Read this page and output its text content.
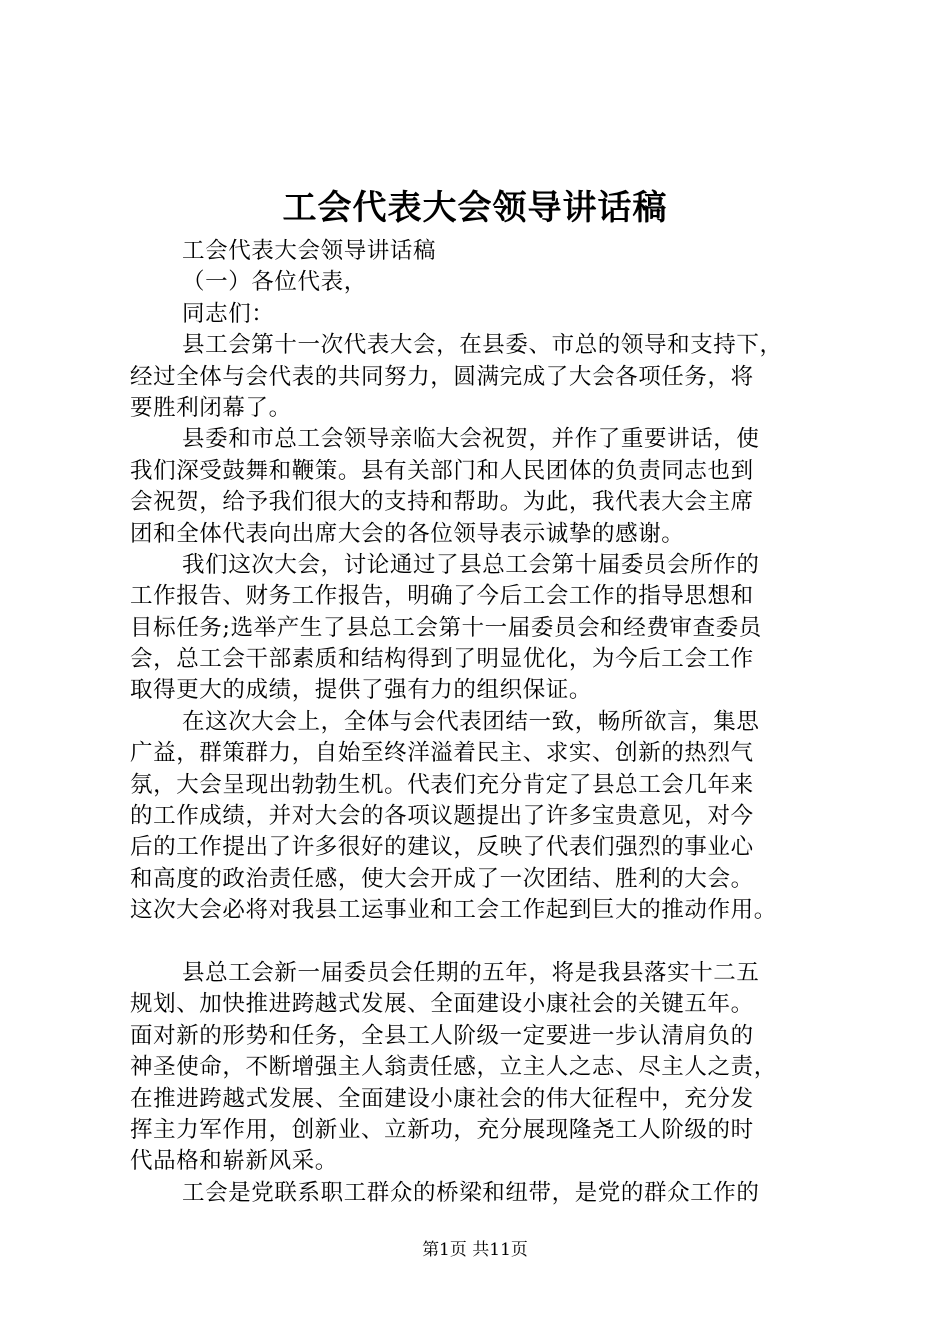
工会代表大会领导讲话稿
工会代表大会领导讲话稿
（一）各位代表，
同志们：
县工会第十一次代表大会，在县委、市总的领导和支持下，
经过全体与会代表的共同努力，圆满完成了大会各项任务，将
要胜利闭幕了。
县委和市总工会领导亲临大会祝贺，并作了重要讲话，使
我们深受鼓舞和鞭策。县有关部门和人民团体的负责同志也到
会祝贺，给予我们很大的支持和帮助。为此，我代表大会主席
团和全体代表向出席大会的各位领导表示诚挚的感谢。
我们这次大会，讨论通过了县总工会第十届委员会所作的
工作报告、财务工作报告，明确了今后工会工作的指导思想和
目标任务;选举产生了县总工会第十一届委员会和经费审查委员
会，总工会干部素质和结构得到了明显优化，为今后工会工作
取得更大的成绩，提供了强有力的组织保证。
在这次大会上，全体与会代表团结一致，畅所欲言，集思
广益，群策群力，自始至终洋溢着民主、求实、创新的热烈气
氛，大会呈现出勃勃生机。代表们充分肯定了县总工会几年来
的工作成绩，并对大会的各项议题提出了许多宝贵意见，对今
后的工作提出了许多很好的建议，反映了代表们强烈的事业心
和高度的政治责任感，使大会开成了一次团结、胜利的大会。
这次大会必将对我县工运事业和工会工作起到巨大的推动作用。
县总工会新一届委员会任期的五年，将是我县落实十二五
规划、加快推进跨越式发展、全面建设小康社会的关键五年。
面对新的形势和任务，全县工人阶级一定要进一步认清肩负的
神圣使命，不断增强主人翁责任感，立主人之志、尽主人之责，
在推进跨越式发展、全面建设小康社会的伟大征程中，充分发
挥主力军作用，创新业、立新功，充分展现隆尧工人阶级的时
代品格和崭新风采。
工会是党联系职工群众的桥梁和纽带，是党的群众工作的
第1页 共11页
